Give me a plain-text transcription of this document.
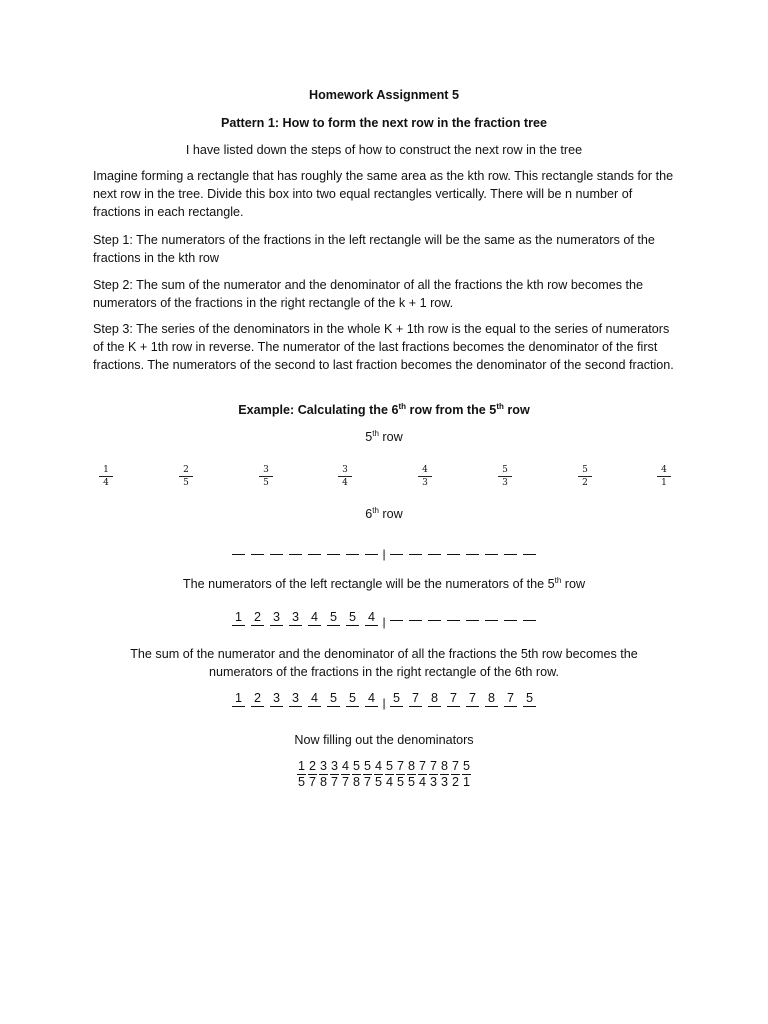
Homework Assignment 5
Pattern 1: How to form the next row in the fraction tree
I have listed down the steps of how to construct the next row in the tree
Imagine forming a rectangle that has roughly the same area as the kth row. This rectangle stands for the next row in the tree. Divide this box into two equal rectangles vertically. There will be n number of fractions in each rectangle.
Step 1: The numerators of the fractions in the left rectangle will be the same as the numerators of the fractions in the kth row
Step 2: The sum of the numerator and the denominator of all the fractions the kth row becomes the numerators of the fractions in the right rectangle of the k + 1 row.
Step 3: The series of the denominators in the whole K + 1th row is the equal to the series of numerators of the K + 1th row in reverse. The numerator of the last fractions becomes the denominator of the first fractions. The numerators of the second to last fraction becomes the denominator of the second fraction.
Example: Calculating the 6th row from the 5th row
5th row
1
4
2
5
3
5
3
4
4
3
5
3
5
2
4
1
6th row
|
The numerators of the left rectangle will be the numerators of the 5th row
1 2 3 3 4 5 5 4 |
The sum of the numerator and the denominator of all the fractions the 5th row becomes the
numerators of the fractions in the right rectangle of the 6th row.
1 2 3 3 4 5 5 4 | 5 7 8 7 7 8 7 5
Now filling out the denominators
$\frac{1}{5} \frac{2}{7} \frac{3}{8} \frac{3}{7} \frac{4}{7} \frac{5}{8} \frac{5}{7} \frac{4}{5} \frac{5}{4} \frac{7}{5} \frac{8}{5} \frac{7}{4} \frac{7}{3} \frac{8}{3} \frac{7}{2} \frac{5}{1}$
